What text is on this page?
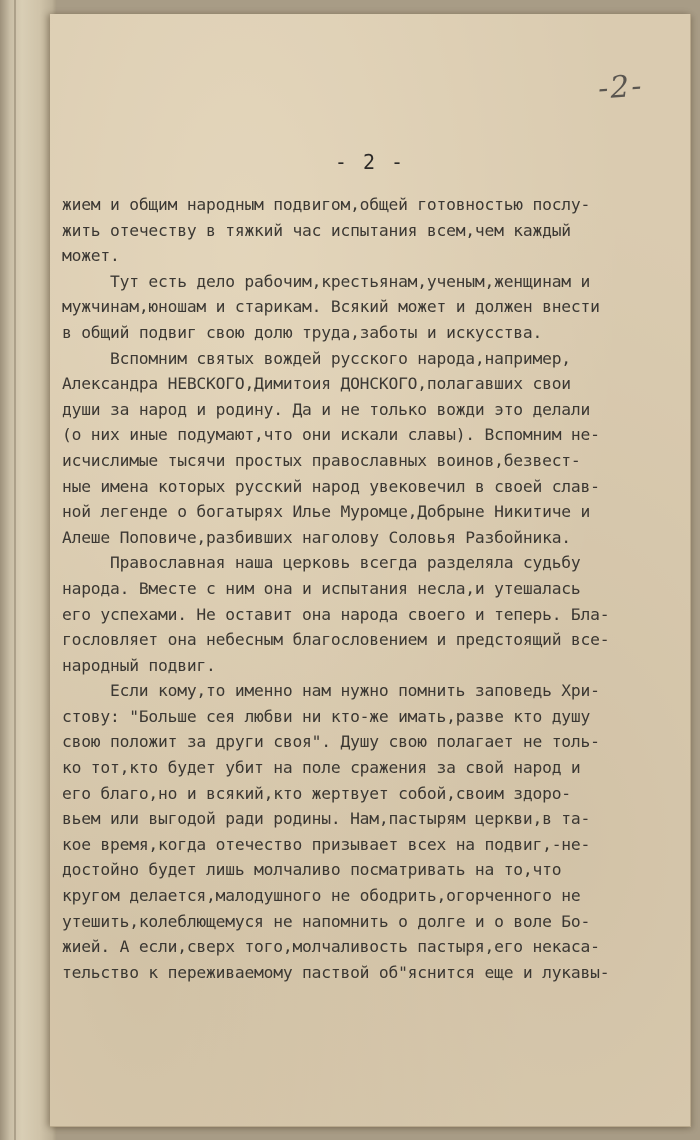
-2-
- 2 -
жием и общим народным подвигом,общей готовностью послу-
жить отечеству в тяжкий час испытания всем,чем каждый
может.
Тут есть дело рабочим,крестьянам,ученым,женщинам и
мужчинам,юношам и старикам. Всякий может и должен внести
в общий подвиг свою долю труда,заботы и искусства.
Вспомним святых вождей русского народа,например,
Александра НЕВСКОГО,Димитоия ДОНСКОГО,полагавших свои
души за народ и родину. Да и не только вожди это делали
(о них иные подумают,что они искали славы). Вспомним не-
исчислимые тысячи простых православных воинов,безвест-
ные имена которых русский народ увековечил в своей слав-
ной легенде о богатырях Илье Муромце,Добрыне Никитиче и
Алеше Поповиче,разбивших наголову Соловья Разбойника.
Православная наша церковь всегда разделяла судьбу
народа. Вместе с ним она и испытания несла,и утешалась
его успехами. Не оставит она народа своего и теперь. Бла-
гословляет она небесным благословением и предстоящий все-
народный подвиг.
Если кому,то именно нам нужно помнить заповедь Хри-
стову: "Больше сея любви ни кто-же имать,разве кто душу
свою положит за други своя". Душу свою полагает не толь-
ко тот,кто будет убит на поле сражения за свой народ и
его благо,но и всякий,кто жертвует собой,своим здоро-
вьем или выгодой ради родины. Нам,пастырям церкви,в та-
кое время,когда отечество призывает всех на подвиг,-не-
достойно будет лишь молчаливо посматривать на то,что
кругом делается,малодушного не ободрить,огорченного не
утешить,колеблющемуся не напомнить о долге и о воле Бо-
жией. А если,сверх того,молчаливость пастыря,его некаса-
тельство к переживаемому паствой об"яснится еще и лукавы-
